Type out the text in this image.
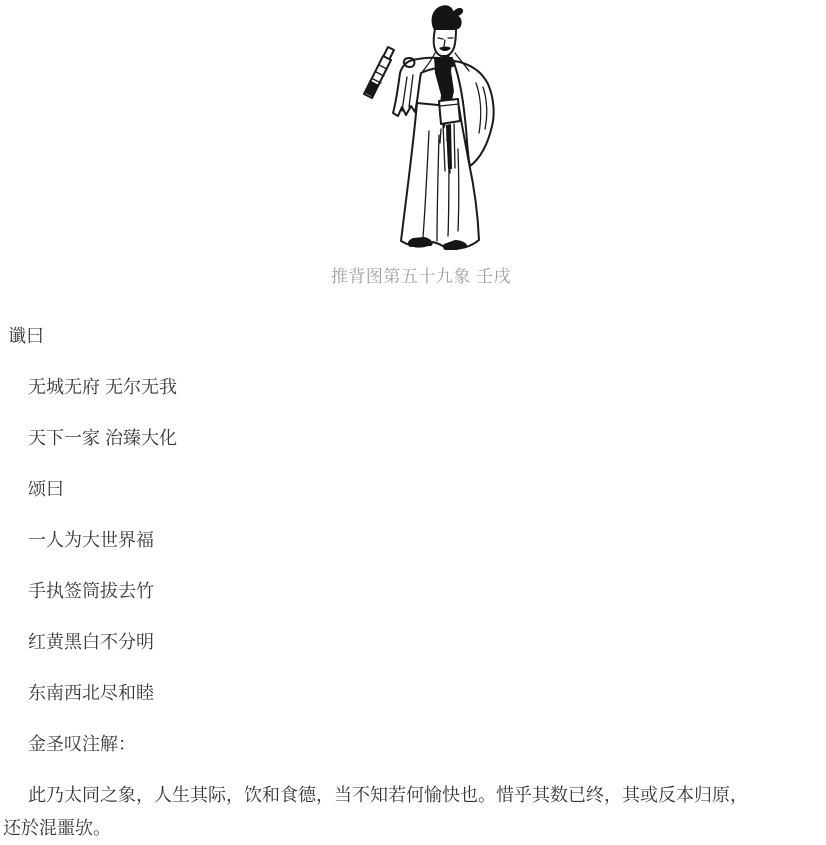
推背图第五十九象 壬戌

谶曰

无城无府 无尔无我

天下一家 治臻大化

颂曰

一人为大世界福

手执签筒拔去竹

红黄黑白不分明

东南西北尽和睦

金圣叹注解：

此乃太同之象，人生其际，饮和食德，当不知若何愉快也。惜乎其数已终，其或反本归原，还於混噩欤。
